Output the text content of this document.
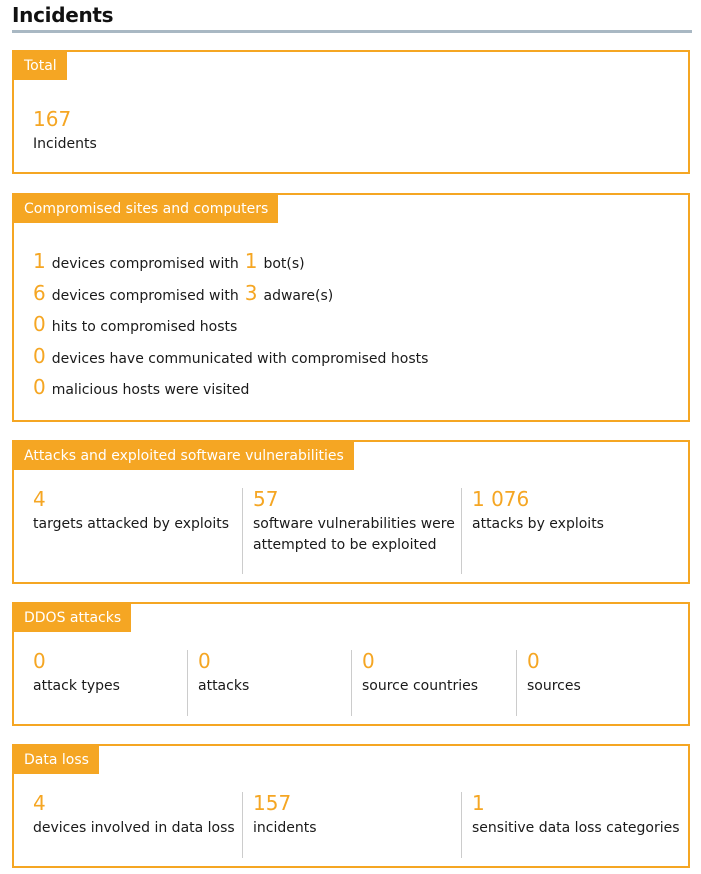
Incidents
Total
167
Incidents
Compromised sites and computers
1 devices compromised with 1 bot(s)
6 devices compromised with 3 adware(s)
0 hits to compromised hosts
0 devices have communicated with compromised hosts
0 malicious hosts were visited
Attacks and exploited software vulnerabilities
4
targets attacked by exploits
57
software vulnerabilities were attempted to be exploited
1 076
attacks by exploits
DDOS attacks
0
attack types
0
attacks
0
source countries
0
sources
Data loss
4
devices involved in data loss
157
incidents
1
sensitive data loss categories
